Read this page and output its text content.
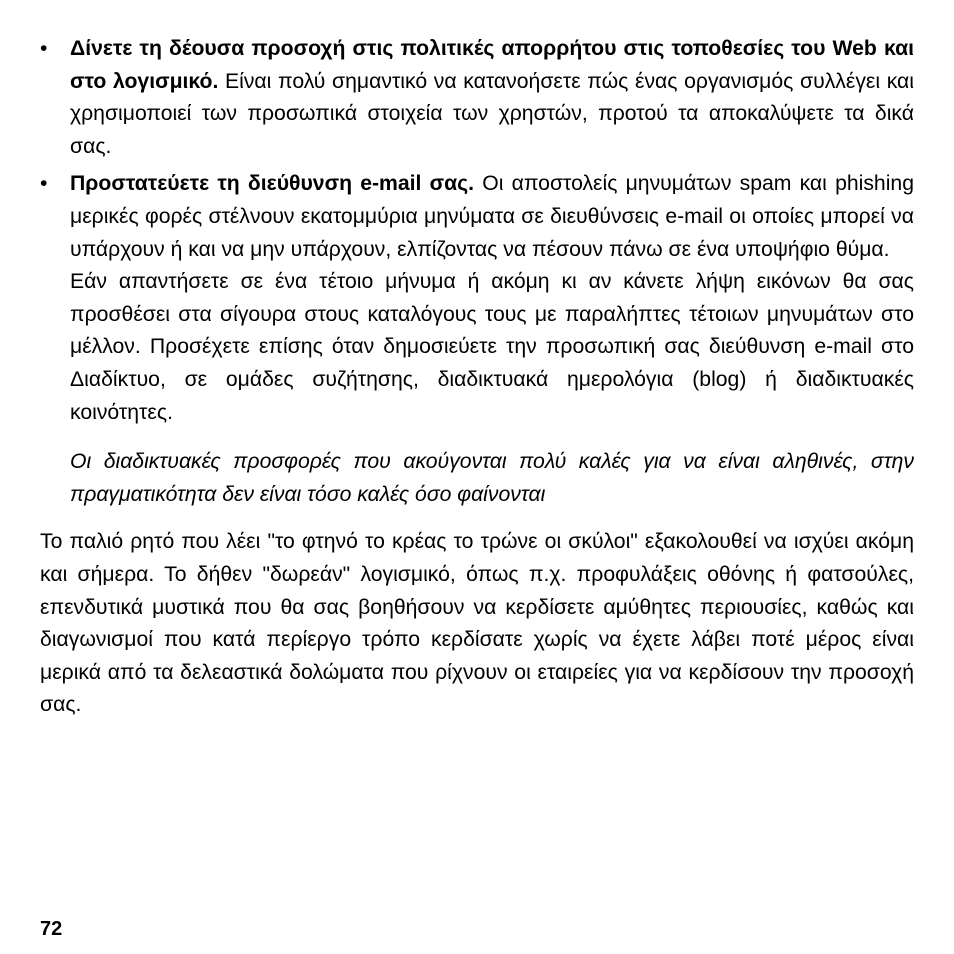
•	Δίνετε τη δέουσα προσοχή στις πολιτικές απορρήτου στις τοποθεσίες του Web και στο λογισμικό. Είναι πολύ σημαντικό να κατανοήσετε πώς ένας οργανισμός συλλέγει και χρησιμοποιεί των προσωπικά στοιχεία των χρηστών, προτού τα αποκαλύψετε τα δικά σας.

•	Προστατεύετε τη διεύθυνση e-mail σας. Οι αποστολείς μηνυμάτων spam και phishing μερικές φορές στέλνουν εκατομμύρια μηνύματα σε διευθύνσεις e-mail οι οποίες μπορεί να υπάρχουν ή και να μην υπάρχουν, ελπίζοντας να πέσουν πάνω σε ένα υποψήφιο θύμα.

Εάν απαντήσετε σε ένα τέτοιο μήνυμα ή ακόμη κι αν κάνετε λήψη εικόνων θα σας προσθέσει στα σίγουρα στους καταλόγους τους με παραλήπτες τέτοιων μηνυμάτων στο μέλλον. Προσέχετε επίσης όταν δημοσιεύετε την προσωπική σας διεύθυνση e-mail στο Διαδίκτυο, σε ομάδες συζήτησης, διαδικτυακά ημερολόγια (blog) ή διαδικτυακές κοινότητες.

Οι διαδικτυακές προσφορές που ακούγονται πολύ καλές για να είναι αληθινές, στην πραγματικότητα δεν είναι τόσο καλές όσο φαίνονται

Το παλιό ρητό που λέει "το φτηνό το κρέας το τρώνε οι σκύλοι" εξακολουθεί να ισχύει ακόμη και σήμερα. Το δήθεν "δωρεάν" λογισμικό, όπως π.χ. προφυλάξεις οθόνης ή φατσούλες, επενδυτικά μυστικά που θα σας βοηθήσουν να κερδίσετε αμύθητες περιουσίες, καθώς και διαγωνισμοί που κατά περίεργο τρόπο κερδίσατε χωρίς να έχετε λάβει ποτέ μέρος είναι μερικά από τα δελεαστικά δολώματα που ρίχνουν οι εταιρείες για να κερδίσουν την προσοχή σας.

72
